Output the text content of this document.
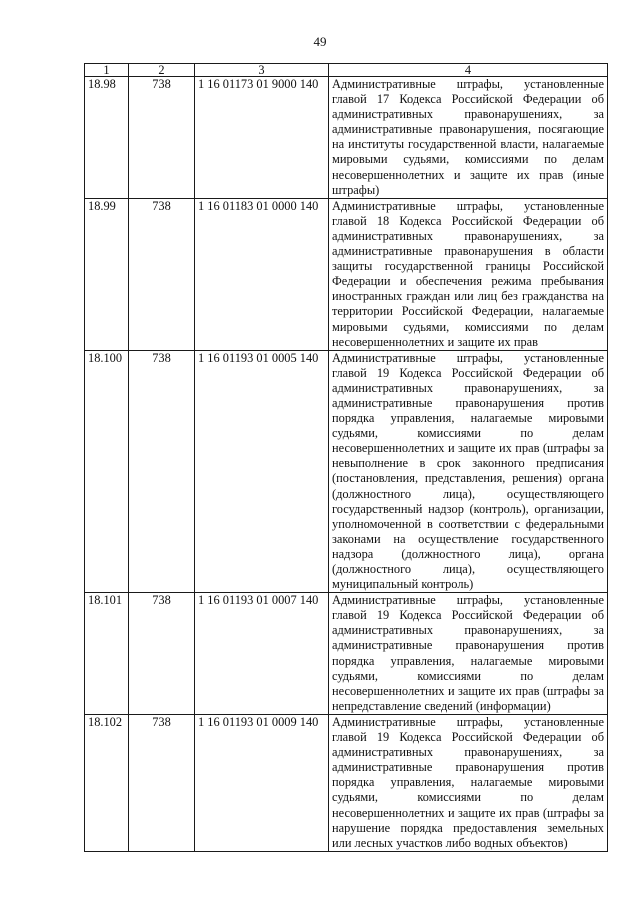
49
1	2	3	4
18.98	738	1 16 01173 01 9000 140	Административные штрафы, установленные главой 17 Кодекса Российской Федерации об административных правонарушениях, за административные правонарушения, посягающие на институты государственной власти, налагаемые мировыми судьями, комиссиями по делам несовершеннолетних и защите их прав (иные штрафы)
18.99	738	1 16 01183 01 0000 140	Административные штрафы, установленные главой 18 Кодекса Российской Федерации об административных правонарушениях, за административные правонарушения в области защиты государственной границы Российской Федерации и обеспечения режима пребывания иностранных граждан или лиц без гражданства на территории Российской Федерации, налагаемые мировыми судьями, комиссиями по делам несовершеннолетних и защите их прав
18.100	738	1 16 01193 01 0005 140	Административные штрафы, установленные главой 19 Кодекса Российской Федерации об административных правонарушениях, за административные правонарушения против порядка управления, налагаемые мировыми судьями, комиссиями по делам несовершеннолетних и защите их прав (штрафы за невыполнение в срок законного предписания (постановления, представления, решения) органа (должностного лица), осуществляющего государственный надзор (контроль), организации, уполномоченной в соответствии с федеральными законами на осуществление государственного надзора (должностного лица), органа (должностного лица), осуществляющего муниципальный контроль)
18.101	738	1 16 01193 01 0007 140	Административные штрафы, установленные главой 19 Кодекса Российской Федерации об административных правонарушениях, за административные правонарушения против порядка управления, налагаемые мировыми судьями, комиссиями по делам несовершеннолетних и защите их прав (штрафы за непредставление сведений (информации)
18.102	738	1 16 01193 01 0009 140	Административные штрафы, установленные главой 19 Кодекса Российской Федерации об административных правонарушениях, за административные правонарушения против порядка управления, налагаемые мировыми судьями, комиссиями по делам несовершеннолетних и защите их прав (штрафы за нарушение порядка предоставления земельных или лесных участков либо водных объектов)
